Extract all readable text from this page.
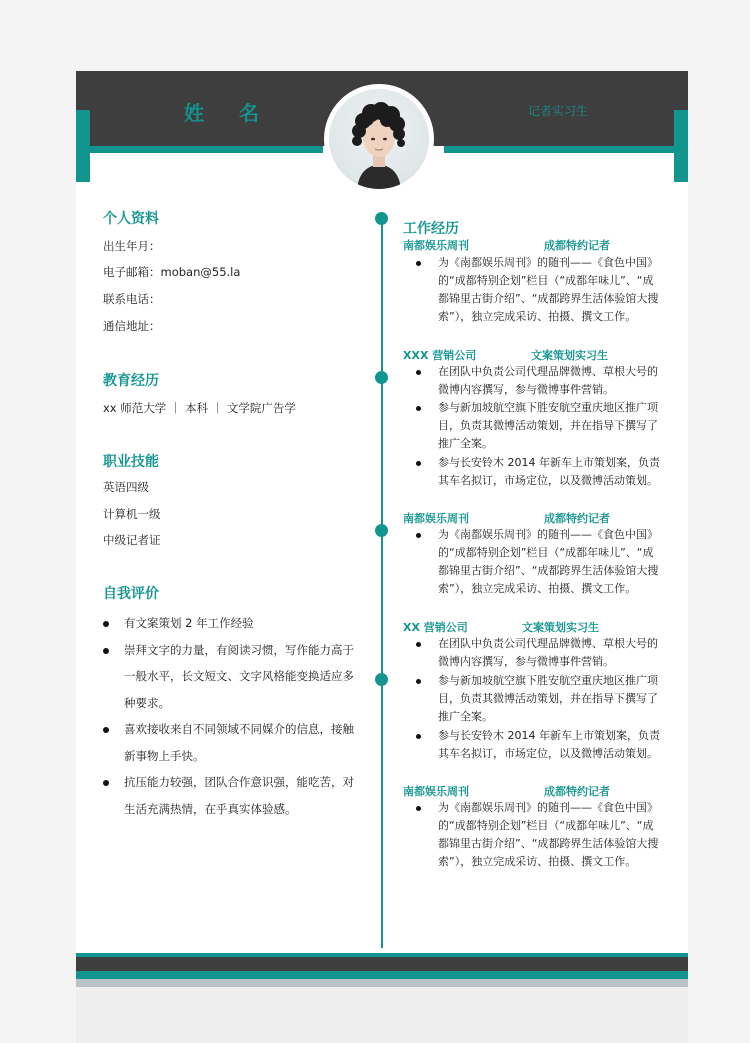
姓 名	记者实习生
个人资料
出生年月：
电子邮箱：moban@55.la
联系电话：
通信地址：
教育经历
xx 师范大学 ｜ 本科 ｜ 文学院广告学
职业技能
英语四级
计算机一级
中级记者证
自我评价
有文案策划 2 年工作经验
崇拜文字的力量，有阅读习惯，写作能力高于一般水平，长文短文、文字风格能变换适应多种要求。
喜欢接收来自不同领域不同媒介的信息，接触新事物上手快。
抗压能力较强，团队合作意识强，能吃苦，对生活充满热情，在乎真实体验感。
工作经历
南都娱乐周刊	成都特约记者
为《南都娱乐周刊》的随刊——《食色中国》的“成都特别企划”栏目（“成都年味儿”、“成都锦里古街介绍”、“成都跨界生活体验馆大搜索”），独立完成采访、拍摄、撰文工作。
XXX 营销公司	文案策划实习生
在团队中负责公司代理品牌微博、草根大号的微博内容撰写，参与微博事件营销。
参与新加坡航空旗下胜安航空重庆地区推广项目，负责其微博活动策划，并在指导下撰写了推广全案。
参与长安铃木 2014 年新车上市策划案，负责其车名拟订，市场定位，以及微博活动策划。
南都娱乐周刊	成都特约记者
为《南都娱乐周刊》的随刊——《食色中国》的“成都特别企划”栏目（“成都年味儿”、“成都锦里古街介绍”、“成都跨界生活体验馆大搜索”），独立完成采访、拍摄、撰文工作。
XX 营销公司	文案策划实习生
在团队中负责公司代理品牌微博、草根大号的微博内容撰写，参与微博事件营销。
参与新加坡航空旗下胜安航空重庆地区推广项目，负责其微博活动策划，并在指导下撰写了推广全案。
参与长安铃木 2014 年新车上市策划案，负责其车名拟订，市场定位，以及微博活动策划。
南都娱乐周刊	成都特约记者
为《南都娱乐周刊》的随刊——《食色中国》的“成都特别企划”栏目（“成都年味儿”、“成都锦里古街介绍”、“成都跨界生活体验馆大搜索”），独立完成采访、拍摄、撰文工作。
